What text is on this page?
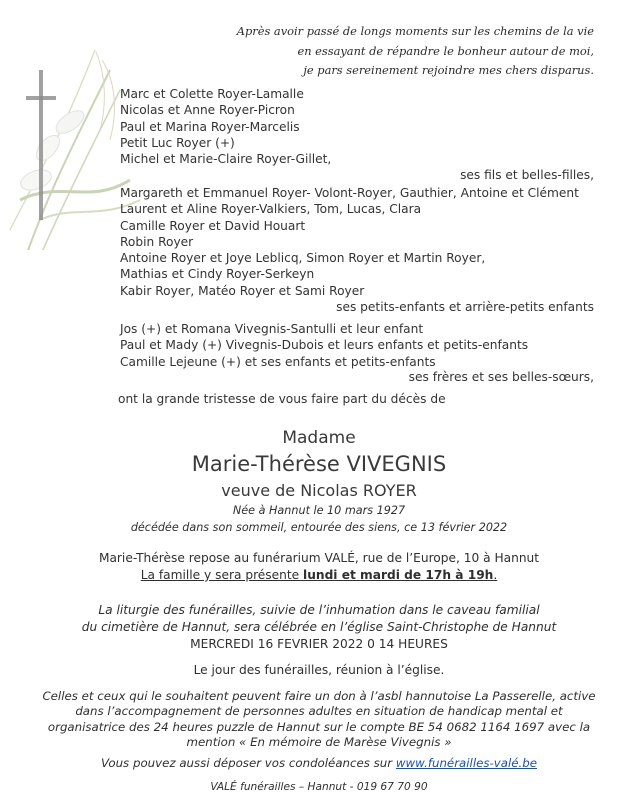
Après avoir passé de longs moments sur les chemins de la vie
en essayant de répandre le bonheur autour de moi,
je pars sereinement rejoindre mes chers disparus.
Marc et Colette Royer-Lamalle
Nicolas et Anne Royer-Picron
Paul et Marina Royer-Marcelis
Petit Luc Royer (+)
Michel et Marie-Claire Royer-Gillet,
ses fils et belles-filles,
Margareth et Emmanuel Royer- Volont-Royer, Gauthier, Antoine et Clément
Laurent et Aline Royer-Valkiers, Tom, Lucas, Clara
Camille Royer et David Houart
Robin Royer
Antoine Royer et Joye Leblicq, Simon Royer et Martin Royer,
Mathias et Cindy Royer-Serkeyn
Kabir Royer, Matéo Royer et Sami Royer
ses petits-enfants et arrière-petits enfants
Jos (+) et Romana Vivegnis-Santulli et leur enfant
Paul et Mady (+) Vivegnis-Dubois et leurs enfants et petits-enfants
Camille Lejeune (+) et ses enfants et petits-enfants
ses frères et ses belles-sœurs,
ont la grande tristesse de vous faire part du décès de
Madame
Marie-Thérèse VIVEGNIS
veuve de Nicolas ROYER
Née à Hannut le 10 mars 1927
décédée dans son sommeil, entourée des siens, ce 13 février 2022
Marie-Thérèse repose au funérarium VALÉ, rue de l’Europe, 10 à Hannut
La famille y sera présente lundi et mardi de 17h à 19h.
La liturgie des funérailles, suivie de l’inhumation dans le caveau familial
du cimetière de Hannut, sera célébrée en l’église Saint-Christophe de Hannut
MERCREDI 16 FEVRIER 2022 0 14 HEURES
Le jour des funérailles, réunion à l’église.
Celles et ceux qui le souhaitent peuvent faire un don à l’asbl hannutoise La Passerelle, active
dans l’accompagnement de personnes adultes en situation de handicap mental et
organisatrice des 24 heures puzzle de Hannut sur le compte BE 54 0682 1164 1697 avec la
mention « En mémoire de Marèse Vivegnis »
Vous pouvez aussi déposer vos condoléances sur www.funérailles-valé.be
VALÉ funérailles – Hannut - 019 67 70 90
